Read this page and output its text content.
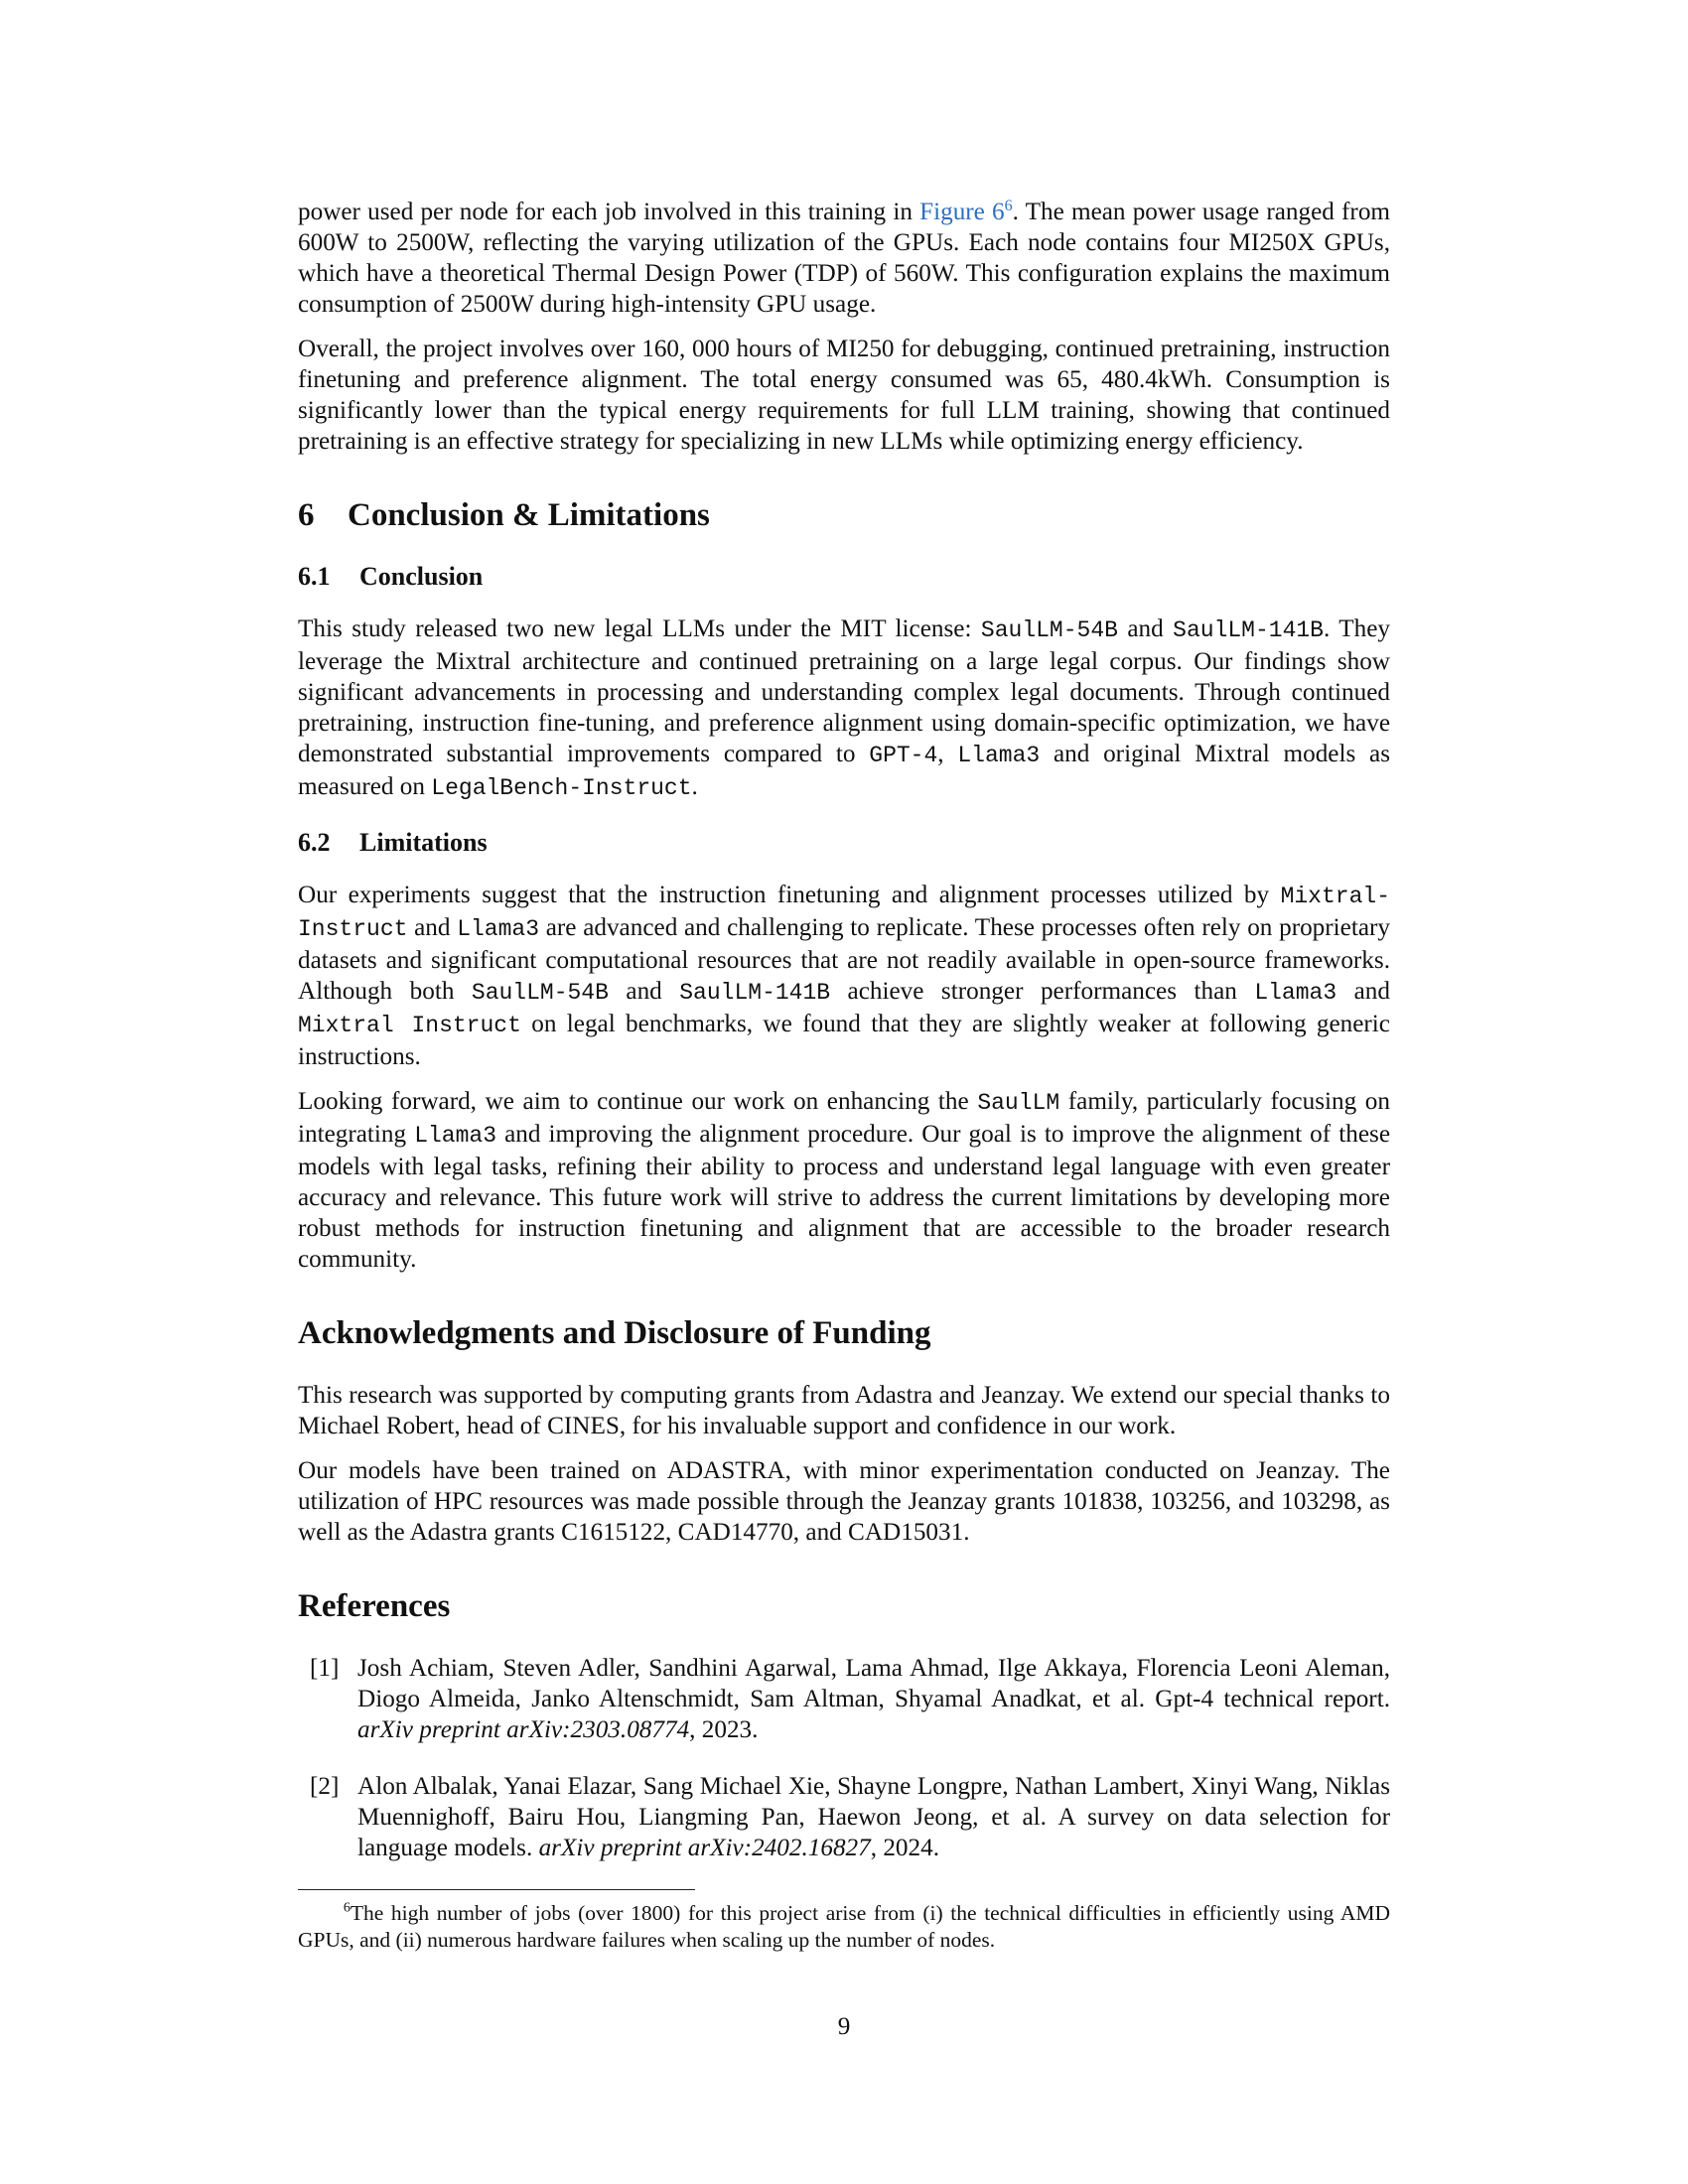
power used per node for each job involved in this training in Figure $6^6$. The mean power usage ranged from 600W to 2500W, reflecting the varying utilization of the GPUs. Each node contains four MI250X GPUs, which have a theoretical Thermal Design Power (TDP) of 560W. This configuration explains the maximum consumption of 2500W during high-intensity GPU usage.

Overall, the project involves over 160, 000 hours of MI250 for debugging, continued pretraining, instruction finetuning and preference alignment. The total energy consumed was 65, 480.4kWh. Consumption is significantly lower than the typical energy requirements for full LLM training, showing that continued pretraining is an effective strategy for specializing in new LLMs while optimizing energy efficiency.

6 Conclusion & Limitations
6.1 Conclusion

This study released two new legal LLMs under the MIT license: SaulLM-54B and SaulLM-141B. They leverage the Mixtral architecture and continued pretraining on a large legal corpus. Our findings show significant advancements in processing and understanding complex legal documents. Through continued pretraining, instruction fine-tuning, and preference alignment using domain-specific optimization, we have demonstrated substantial improvements compared to GPT-4, Llama3 and original Mixtral models as measured on LegalBench-Instruct.

6.2 Limitations

Our experiments suggest that the instruction finetuning and alignment processes utilized by Mixtral-Instruct and Llama3 are advanced and challenging to replicate. These processes often rely on proprietary datasets and significant computational resources that are not readily available in open-source frameworks. Although both SaulLM-54B and SaulLM-141B achieve stronger performances than Llama3 and Mixtral Instruct on legal benchmarks, we found that they are slightly weaker at following generic instructions.

Looking forward, we aim to continue our work on enhancing the SaulLM family, particularly focusing on integrating Llama3 and improving the alignment procedure. Our goal is to improve the alignment of these models with legal tasks, refining their ability to process and understand legal language with even greater accuracy and relevance. This future work will strive to address the current limitations by developing more robust methods for instruction finetuning and alignment that are accessible to the broader research community.

Acknowledgments and Disclosure of Funding

This research was supported by computing grants from Adastra and Jeanzay. We extend our special thanks to Michael Robert, head of CINES, for his invaluable support and confidence in our work.

Our models have been trained on ADASTRA, with minor experimentation conducted on Jeanzay. The utilization of HPC resources was made possible through the Jeanzay grants 101838, 103256, and 103298, as well as the Adastra grants C1615122, CAD14770, and CAD15031.

References
[1] Josh Achiam, Steven Adler, Sandhini Agarwal, Lama Ahmad, Ilge Akkaya, Florencia Leoni Aleman, Diogo Almeida, Janko Altenschmidt, Sam Altman, Shyamal Anadkat, et al. Gpt-4 technical report. arXiv preprint arXiv:2303.08774, 2023.
[2] Alon Albalak, Yanai Elazar, Sang Michael Xie, Shayne Longpre, Nathan Lambert, Xinyi Wang, Niklas Muennighoff, Bairu Hou, Liangming Pan, Haewon Jeong, et al. A survey on data selection for language models. arXiv preprint arXiv:2402.16827, 2024.

$^6$The high number of jobs (over 1800) for this project arise from (i) the technical difficulties in efficiently using AMD GPUs, and (ii) numerous hardware failures when scaling up the number of nodes.

9
